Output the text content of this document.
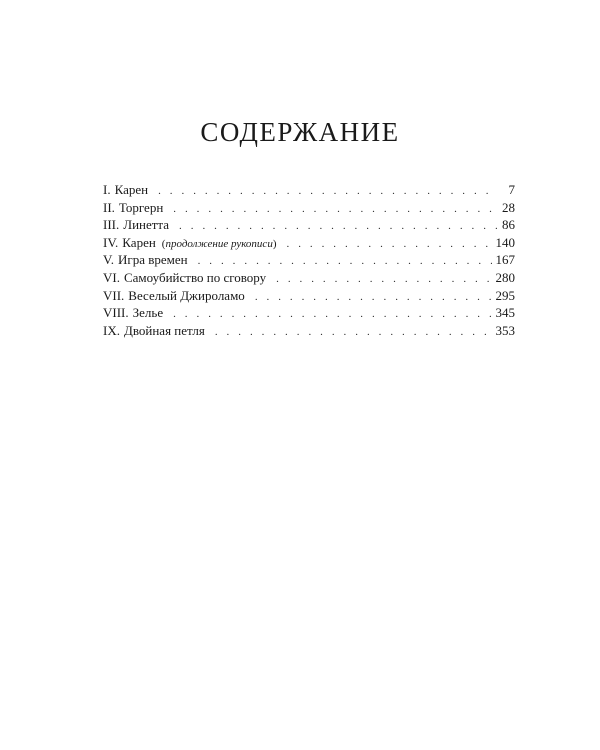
СОДЕРЖАНИЕ
I. Карен . . .	7
II. Торгерн . . .	28
III. Линетта . . .	86
IV. Карен (продолжение рукописи) . . .	140
V. Игра времен . . .	167
VI. Самоубийство по сговору . . .	280
VII. Веселый Джироламо . . .	295
VIII. Зелье . . .	345
IX. Двойная петля . . .	353
